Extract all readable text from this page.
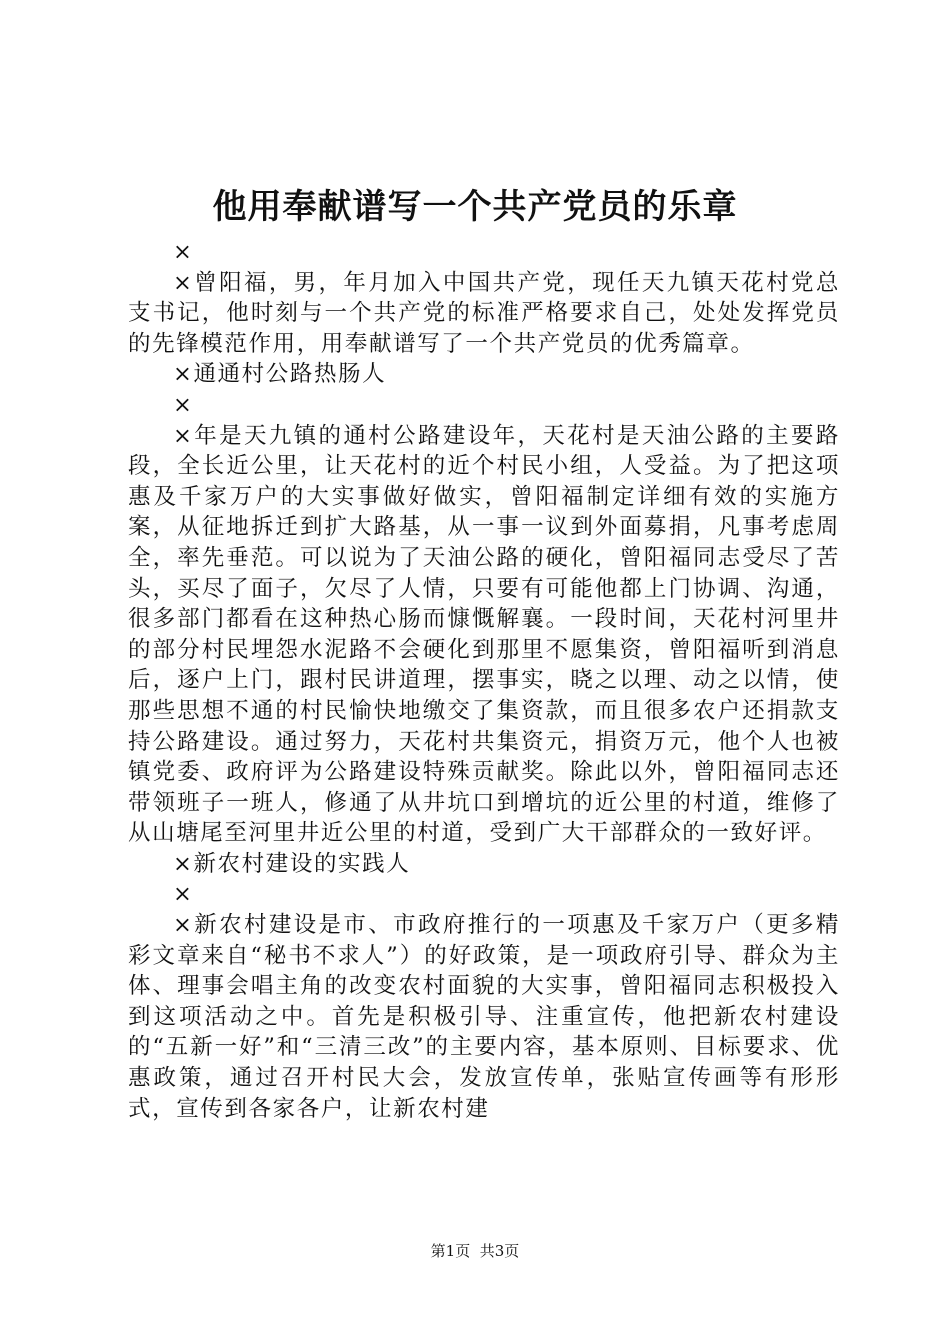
他用奉献谱写一个共产党员的乐章

×

×曾阳福，男，年月加入中国共产党，现任天九镇天花村党总支书记，他时刻与一个共产党的标准严格要求自己，处处发挥党员的先锋模范作用，用奉献谱写了一个共产党员的优秀篇章。

×通通村公路热肠人

×

×年是天九镇的通村公路建设年，天花村是天油公路的主要路段，全长近公里，让天花村的近个村民小组，人受益。为了把这项惠及千家万户的大实事做好做实，曾阳福制定详细有效的实施方案，从征地拆迁到扩大路基，从一事一议到外面募捐，凡事考虑周全，率先垂范。可以说为了天油公路的硬化，曾阳福同志受尽了苦头，买尽了面子，欠尽了人情，只要有可能他都上门协调、沟通，很多部门都看在这种热心肠而慷慨解襄。一段时间，天花村河里井的部分村民埋怨水泥路不会硬化到那里不愿集资，曾阳福听到消息后，逐户上门，跟村民讲道理，摆事实，晓之以理、动之以情，使那些思想不通的村民愉快地缴交了集资款，而且很多农户还捐款支持公路建设。通过努力，天花村共集资元，捐资万元，他个人也被镇党委、政府评为公路建设特殊贡献奖。除此以外，曾阳福同志还带领班子一班人，修通了从井坑口到增坑的近公里的村道，维修了从山塘尾至河里井近公里的村道，受到广大干部群众的一致好评。

×新农村建设的实践人

×

×新农村建设是市、市政府推行的一项惠及千家万户（更多精彩文章来自“秘书不求人”）的好政策，是一项政府引导、群众为主体、理事会唱主角的改变农村面貌的大实事，曾阳福同志积极投入到这项活动之中。首先是积极引导、注重宣传，他把新农村建设的“五新一好”和“三清三改”的主要内容，基本原则、目标要求、优惠政策，通过召开村民大会，发放宣传单，张贴宣传画等有形形式，宣传到各家各户，让新农村建

第1页 共3页
